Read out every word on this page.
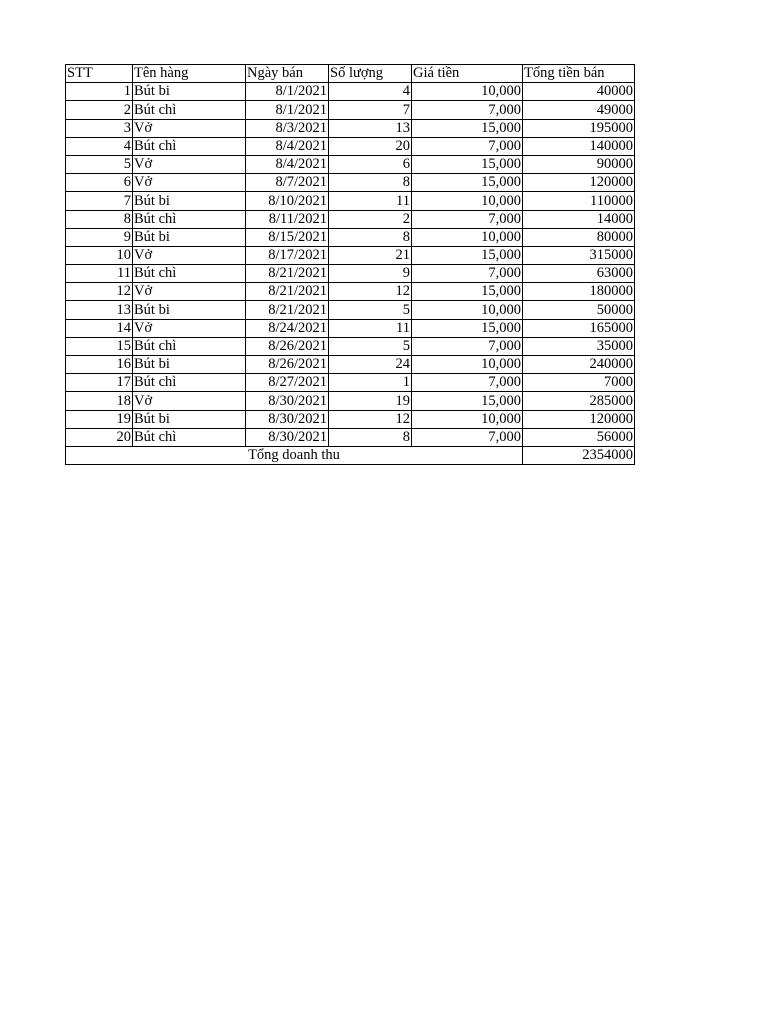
STT	Tên hàng	Ngày bán	Số lượng	Giá tiền	Tổng tiền bán
1	Bút bi	8/1/2021	4	10,000	40000
2	Bút chì	8/1/2021	7	7,000	49000
3	Vở	8/3/2021	13	15,000	195000
4	Bút chì	8/4/2021	20	7,000	140000
5	Vở	8/4/2021	6	15,000	90000
6	Vở	8/7/2021	8	15,000	120000
7	Bút bi	8/10/2021	11	10,000	110000
8	Bút chì	8/11/2021	2	7,000	14000
9	Bút bi	8/15/2021	8	10,000	80000
10	Vở	8/17/2021	21	15,000	315000
11	Bút chì	8/21/2021	9	7,000	63000
12	Vở	8/21/2021	12	15,000	180000
13	Bút bi	8/21/2021	5	10,000	50000
14	Vở	8/24/2021	11	15,000	165000
15	Bút chì	8/26/2021	5	7,000	35000
16	Bút bi	8/26/2021	24	10,000	240000
17	Bút chì	8/27/2021	1	7,000	7000
18	Vở	8/30/2021	19	15,000	285000
19	Bút bi	8/30/2021	12	10,000	120000
20	Bút chì	8/30/2021	8	7,000	56000
Tổng doanh thu					2354000
